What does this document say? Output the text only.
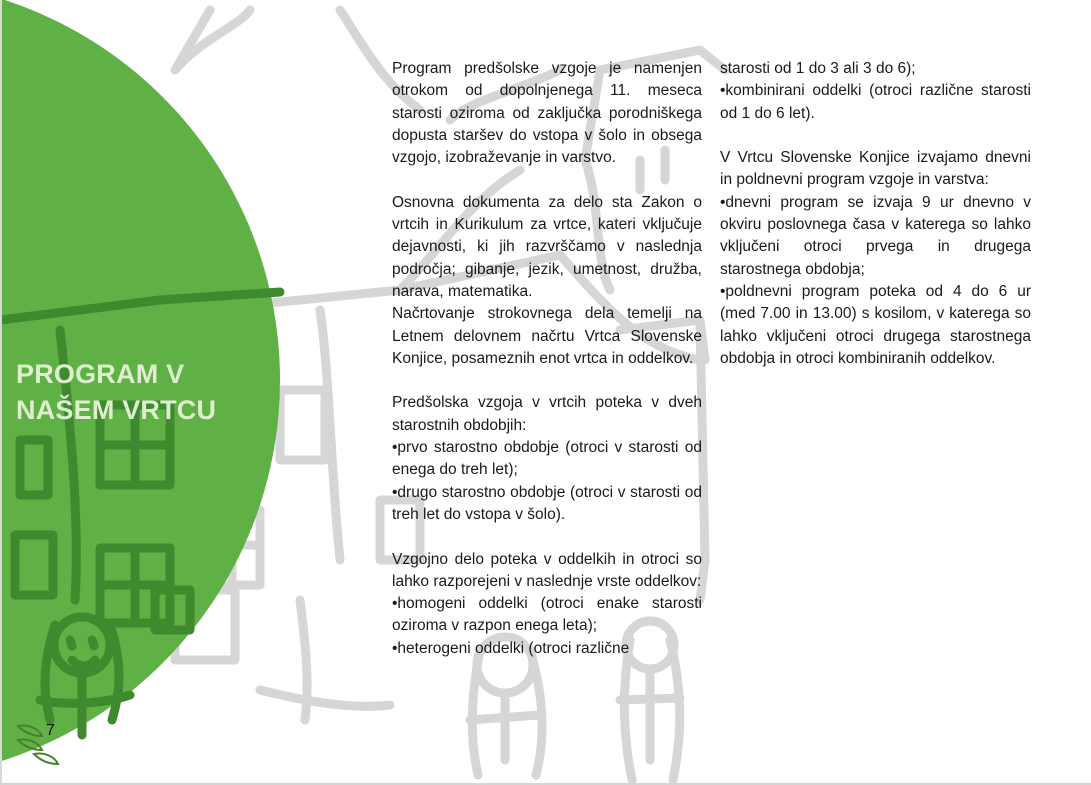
PROGRAM V
NAŠEM VRTCU
7

Program predšolske vzgoje je namenjen otrokom od dopolnjenega 11. meseca starosti oziroma od zaključka porodniškega dopusta staršev do vstopa v šolo in obsega vzgojo, izobraževanje in varstvo.

Osnovna dokumenta za delo sta Zakon o vrtcih in Kurikulum za vrtce, kateri vključuje dejavnosti, ki jih razvrščamo v naslednja področja; gibanje, jezik, umetnost, družba, narava, matematika.

Načrtovanje strokovnega dela temelji na Letnem delovnem načrtu Vrtca Slovenske Konjice, posameznih enot vrtca in oddelkov.

Predšolska vzgoja v vrtcih poteka v dveh starostnih obdobjih:

•prvo starostno obdobje (otroci v starosti od enega do treh let);

•drugo starostno obdobje (otroci v starosti od treh let do vstopa v šolo).

Vzgojno delo poteka v oddelkih in otroci so lahko razporejeni v naslednje vrste oddelkov:

•homogeni oddelki (otroci enake starosti oziroma v razpon enega leta);

•heterogeni oddelki (otroci različne

starosti od 1 do 3 ali 3 do 6);

•kombinirani oddelki (otroci različne starosti od 1 do 6 let).

V Vrtcu Slovenske Konjice izvajamo dnevni in poldnevni program vzgoje in varstva:

•dnevni program se izvaja 9 ur dnevno v okviru poslovnega časa v katerega so lahko vključeni otroci prvega in drugega starostnega obdobja;

•poldnevni program poteka od 4 do 6 ur (med 7.00 in 13.00) s kosilom, v katerega so lahko vključeni otroci drugega starostnega obdobja in otroci kombiniranih oddelkov.
